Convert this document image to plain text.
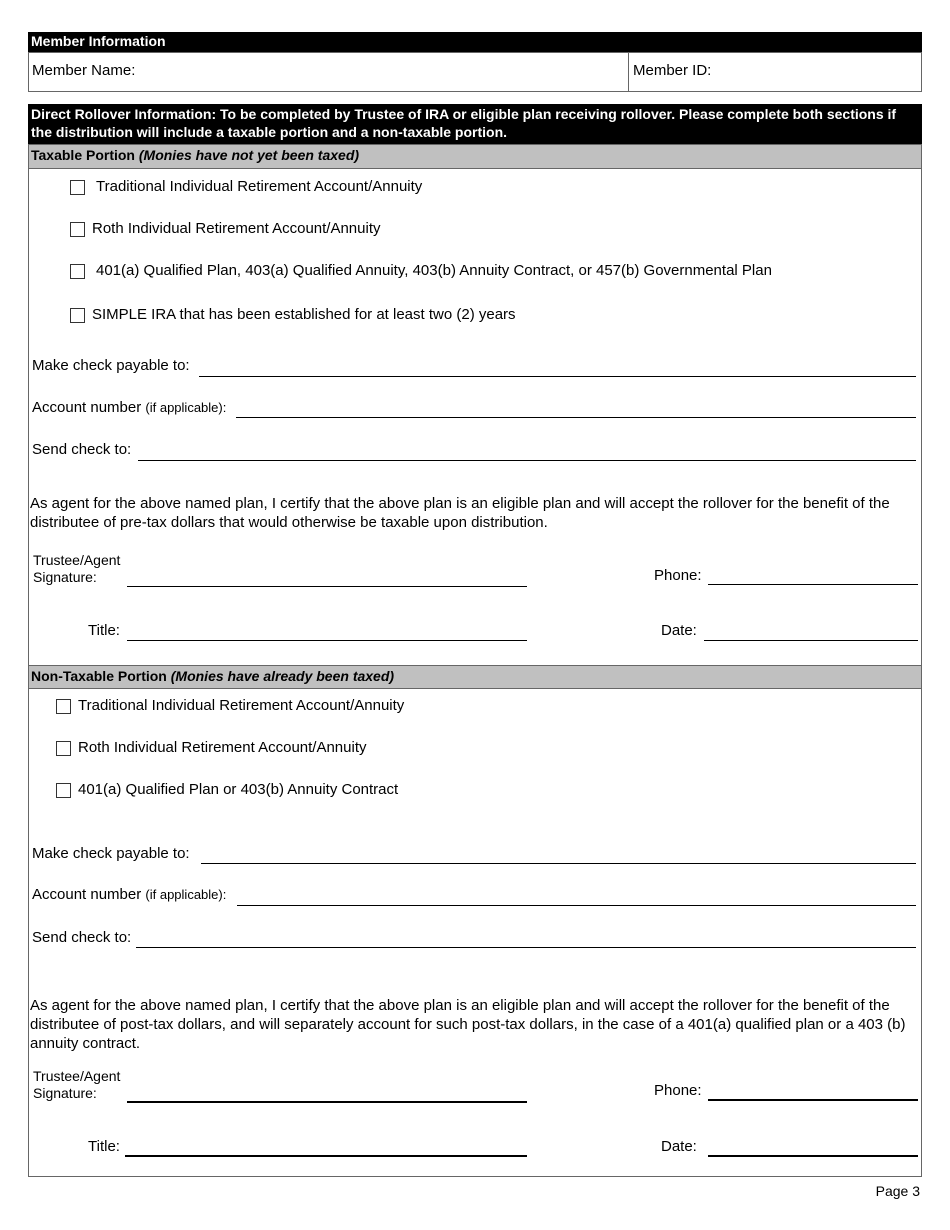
Member Information
Member Name:	Member ID:
Direct Rollover Information: To be completed by Trustee of IRA or eligible plan receiving rollover. Please complete both sections if the distribution will include a taxable portion and a non-taxable portion.
Taxable Portion (Monies have not yet been taxed)
Traditional Individual Retirement Account/Annuity
Roth Individual Retirement Account/Annuity
401(a) Qualified Plan, 403(a) Qualified Annuity, 403(b) Annuity Contract, or 457(b) Governmental Plan
SIMPLE IRA that has been established for at least two (2) years
Make check payable to:
Account number (if applicable):
Send check to:
As agent for the above named plan, I certify that the above plan is an eligible plan and will accept the rollover for the benefit of the distributee of pre-tax dollars that would otherwise be taxable upon distribution.
Trustee/Agent
Signature:	Phone:
Title:	Date:
Non-Taxable Portion (Monies have already been taxed)
Traditional Individual Retirement Account/Annuity
Roth Individual Retirement Account/Annuity
401(a) Qualified Plan or 403(b) Annuity Contract
Make check payable to:
Account number (if applicable):
Send check to:
As agent for the above named plan, I certify that the above plan is an eligible plan and will accept the rollover for the benefit of the distributee of post-tax dollars, and will separately account for such post-tax dollars, in the case of a 401(a) qualified plan or a 403 (b) annuity contract.
Trustee/Agent
Signature:	Phone:
Title:	Date:
Page 3
